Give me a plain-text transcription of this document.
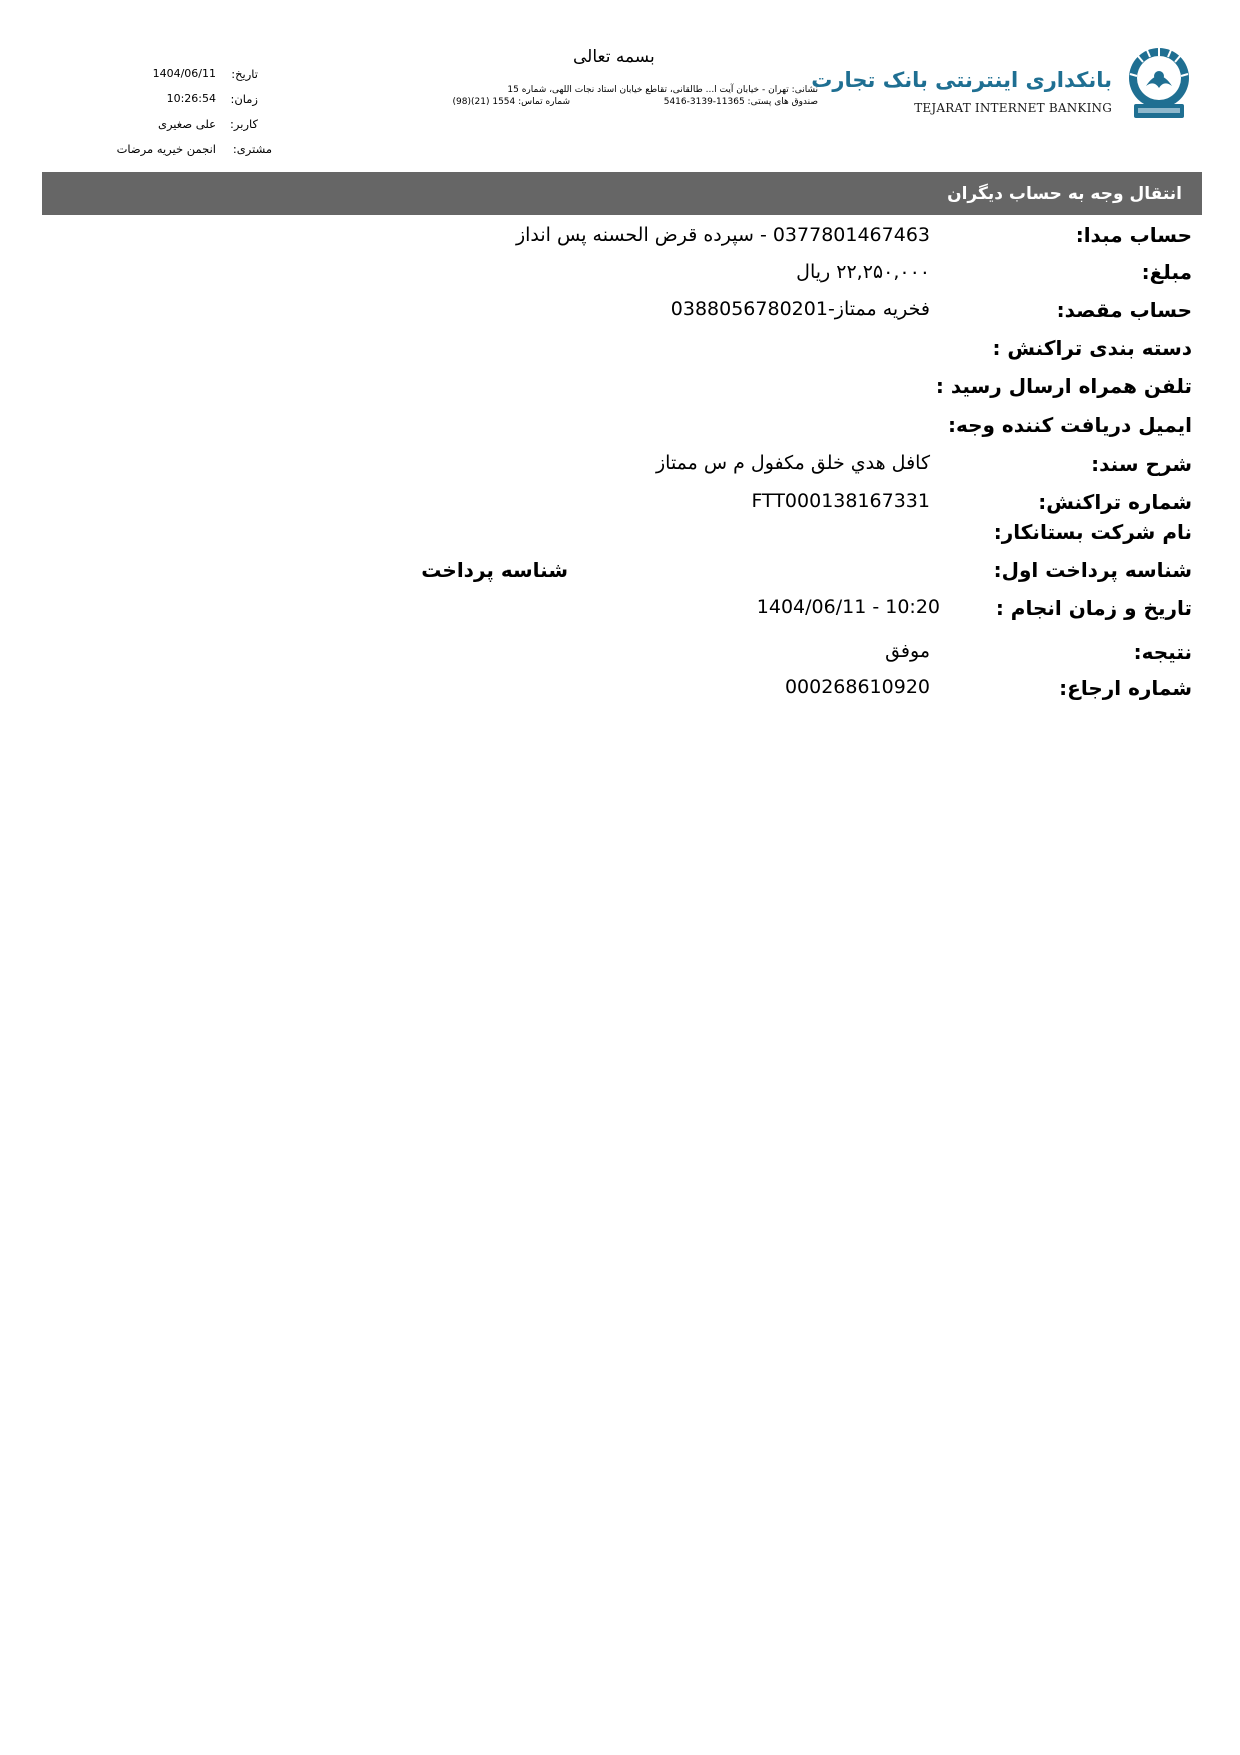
بانکداری اینترنتی بانک تجارت
TEJARAT INTERNET BANKING
بسمه تعالی
نشانی: تهران - خیابان آیت ا... طالقانی، تقاطع خیابان استاد نجات اللهی، شماره 15
صندوق های پستی: 11365-3139-5416
شماره تماس: 1554 (21)(98)
تاریخ:
1404/06/11
زمان:
10:26:54
کاربر:
علی صغیری
مشتری:
انجمن خیریه مرضات
انتقال وجه به حساب دیگران
حساب مبدا:
0377801467463 - سپرده قرض الحسنه پس انداز
مبلغ:
۲۲,۲۵۰,۰۰۰ ریال
حساب مقصد:
فخریه ممتاز-0388056780201
دسته بندی تراکنش :
تلفن همراه ارسال رسید :
ایمیل دریافت کننده وجه:
شرح سند:
کافل هدي خلق مکفول م س ممتاز
شماره تراکنش:
FTT000138167331
نام شرکت بستانکار:
شناسه پرداخت اول:
شناسه پرداخت
تاریخ و زمان انجام :
1404/06/11 - 10:20
نتیجه:
موفق
شماره ارجاع:
000268610920
